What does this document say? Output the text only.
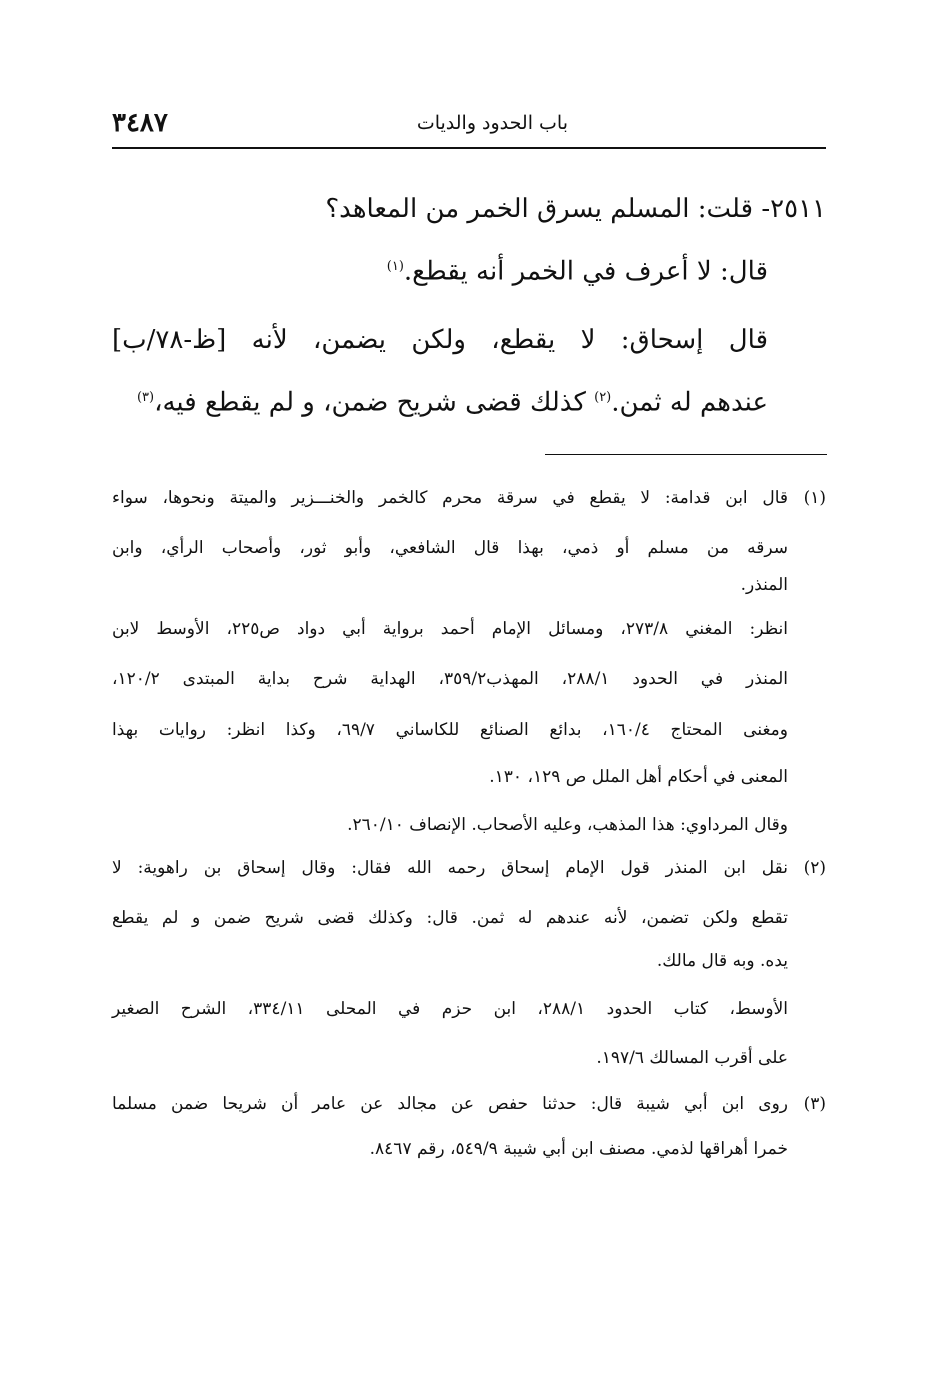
باب الحدود والديات
٣٤٨٧
٢٥١١- قلت: المسلم يسرق الخمر من المعاهد؟
قال: لا أعرف في الخمر أنه يقطع.$^{(١)}$
قال إسحاق: لا يقطع، ولكن يضمن، لأنه [ظ-٧٨/ب]
عندهم له ثمن.$^{(٢)}$ كذلك قضى شريح ضمن، و لم يقطع فيه،$^{(٣)}$
(١)قال ابن قدامة: لا يقطع في سرقة محرم كالخمر والخنـــزير والميتة ونحوها، سواء
سرقه من مسلم أو ذمي، بهذا قال الشافعي، وأبو ثور، وأصحاب الرأي، وابن
المنذر.
انظر: المغني ٢٧٣/٨، ومسائل الإمام أحمد برواية أبي دواد ص٢٢٥، الأوسط لابن
المنذر في الحدود ٢٨٨/١، المهذب٣٥٩/٢، الهداية شرح بداية المبتدى ١٢٠/٢،
ومغنى المحتاج ١٦٠/٤، بدائع الصنائع للكاساني ٦٩/٧، وكذا انظر: روايات بهذا
المعنى في أحكام أهل الملل ص ١٢٩، ١٣٠.
وقال المرداوي: هذا المذهب، وعليه الأصحاب. الإنصاف ٢٦٠/١٠.
(٢)نقل ابن المنذر قول الإمام إسحاق رحمه الله فقال: وقال إسحاق بن راهوية: لا
تقطع ولكن تضمن، لأنه عندهم له ثمن. قال: وكذلك قضى شريح ضمن و لم يقطع
يده. وبه قال مالك.
الأوسط، كتاب الحدود ٢٨٨/١، ابن حزم في المحلى ٣٣٤/١١، الشرح الصغير
على أقرب المسالك ١٩٧/٦.
(٣)روى ابن أبي شيبة قال: حدثنا حفص عن مجالد عن عامر أن شريحا ضمن مسلما
خمرا أهراقها لذمي. مصنف ابن أبي شيبة ٥٤٩/٩، رقم ٨٤٦٧.
